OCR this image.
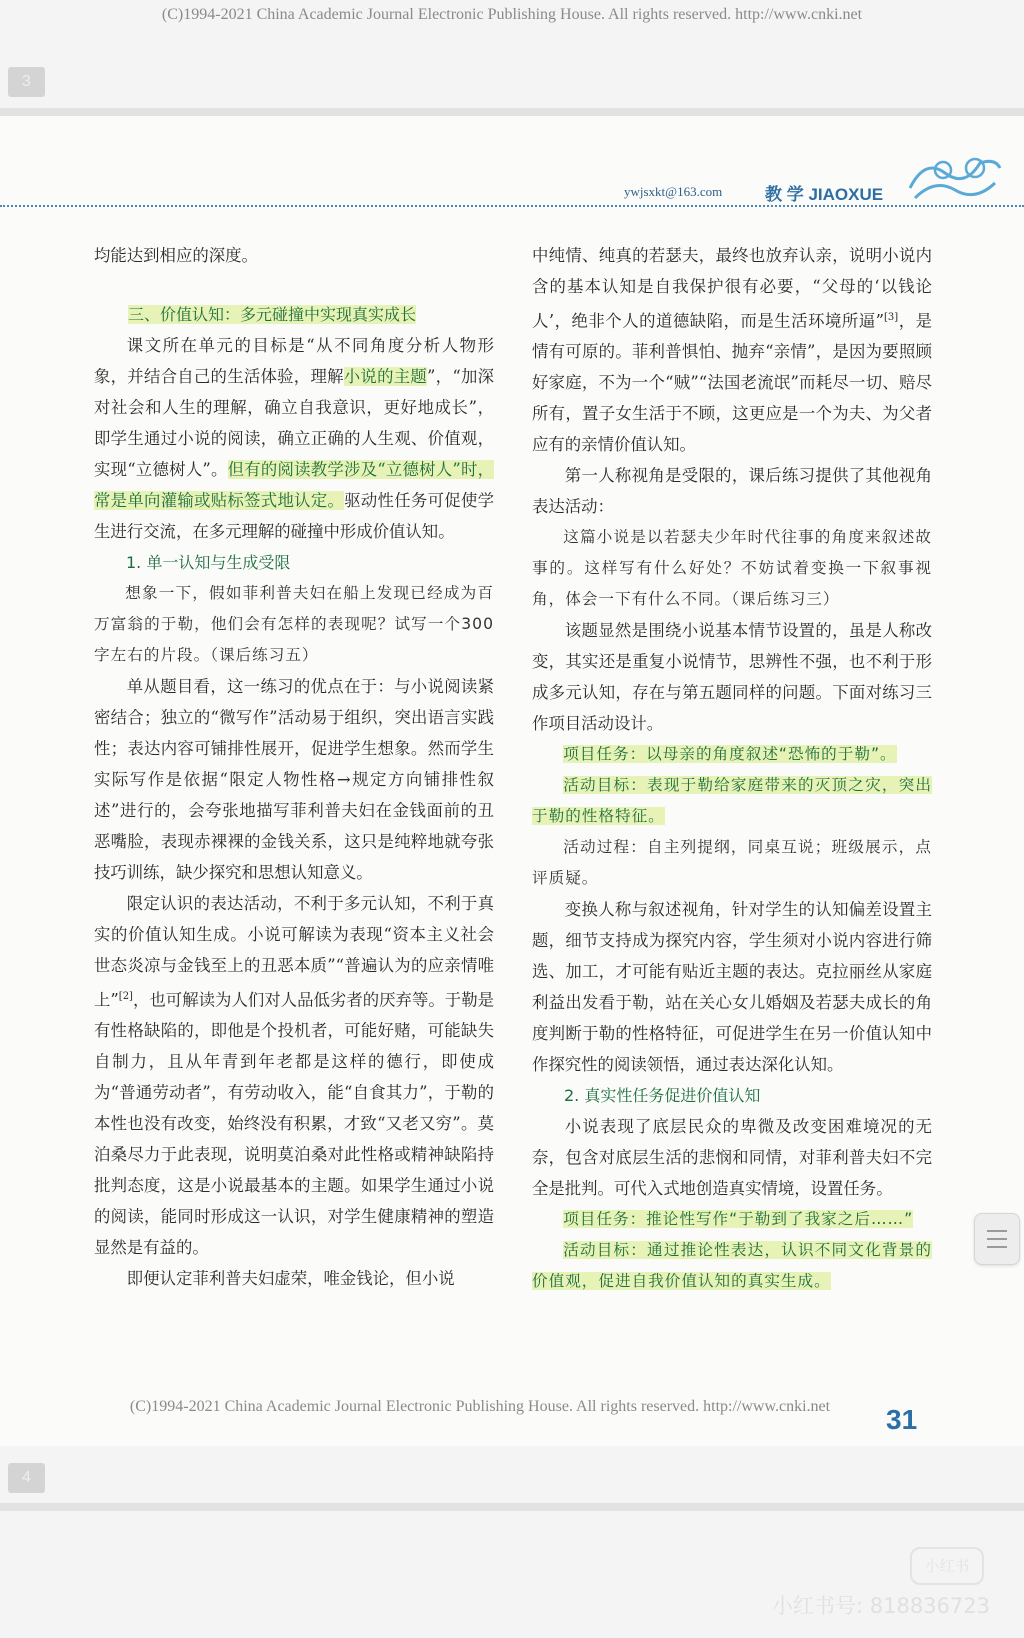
(C)1994-2021 China Academic Journal Electronic Publishing House. All rights reserved. http://www.cnki.net
3
ywjsxkt@163.com	教 学 JIAOXUE

均能达到相应的深度。

三、价值认知：多元碰撞中实现真实成长

课文所在单元的目标是“从不同角度分析人物形象，并结合自己的生活体验，理解小说的主题”，“加深对社会和人生的理解，确立自我意识，更好地成长”，即学生通过小说的阅读，确立正确的人生观、价值观，实现“立德树人”。但有的阅读教学涉及“立德树人”时，常是单向灌输或贴标签式地认定。驱动性任务可促使学生进行交流，在多元理解的碰撞中形成价值认知。

1. 单一认知与生成受限

想象一下，假如菲利普夫妇在船上发现已经成为百万富翁的于勒，他们会有怎样的表现呢？试写一个300字左右的片段。（课后练习五）

单从题目看，这一练习的优点在于：与小说阅读紧密结合；独立的“微写作”活动易于组织，突出语言实践性；表达内容可铺排性展开，促进学生想象。然而学生实际写作是依据“限定人物性格→规定方向铺排性叙述”进行的，会夸张地描写菲利普夫妇在金钱面前的丑恶嘴脸，表现赤裸裸的金钱关系，这只是纯粹地就夸张技巧训练，缺少探究和思想认知意义。

限定认识的表达活动，不利于多元认知，不利于真实的价值认知生成。小说可解读为表现“资本主义社会世态炎凉与金钱至上的丑恶本质”“普遍认为的应亲情唯上”[2]，也可解读为人们对人品低劣者的厌弃等。于勒是有性格缺陷的，即他是个投机者，可能好赌，可能缺失自制力，且从年青到年老都是这样的德行，即使成为“普通劳动者”，有劳动收入，能“自食其力”，于勒的本性也没有改变，始终没有积累，才致“又老又穷”。莫泊桑尽力于此表现，说明莫泊桑对此性格或精神缺陷持批判态度，这是小说最基本的主题。如果学生通过小说的阅读，能同时形成这一认识，对学生健康精神的塑造显然是有益的。

即便认定菲利普夫妇虚荣，唯金钱论，但小说

中纯情、纯真的若瑟夫，最终也放弃认亲，说明小说内含的基本认知是自我保护很有必要，“父母的‘以钱论人’，绝非个人的道德缺陷，而是生活环境所逼”[3]，是情有可原的。菲利普惧怕、抛弃“亲情”，是因为要照顾好家庭，不为一个“贼”“法国老流氓”而耗尽一切、赔尽所有，置子女生活于不顾，这更应是一个为夫、为父者应有的亲情价值认知。

第一人称视角是受限的，课后练习提供了其他视角表达活动：

这篇小说是以若瑟夫少年时代往事的角度来叙述故事的。这样写有什么好处？不妨试着变换一下叙事视角，体会一下有什么不同。（课后练习三）

该题显然是围绕小说基本情节设置的，虽是人称改变，其实还是重复小说情节，思辨性不强，也不利于形成多元认知，存在与第五题同样的问题。下面对练习三作项目活动设计。

项目任务：以母亲的角度叙述“恐怖的于勒”。

活动目标：表现于勒给家庭带来的灭顶之灾，突出于勒的性格特征。

活动过程：自主列提纲，同桌互说；班级展示，点评质疑。

变换人称与叙述视角，针对学生的认知偏差设置主题，细节支持成为探究内容，学生须对小说内容进行筛选、加工，才可能有贴近主题的表达。克拉丽丝从家庭利益出发看于勒，站在关心女儿婚姻及若瑟夫成长的角度判断于勒的性格特征，可促进学生在另一价值认知中作探究性的阅读领悟，通过表达深化认知。

2. 真实性任务促进价值认知

小说表现了底层民众的卑微及改变困难境况的无奈，包含对底层生活的悲悯和同情，对菲利普夫妇不完全是批判。可代入式地创造真实情境，设置任务。

项目任务：推论性写作“于勒到了我家之后……”

活动目标：通过推论性表达，认识不同文化背景的价值观，促进自我价值认知的真实生成。

(C)1994-2021 China Academic Journal Electronic Publishing House. All rights reserved. http://www.cnki.net	31
4
小红书
小红书号: 818836723
